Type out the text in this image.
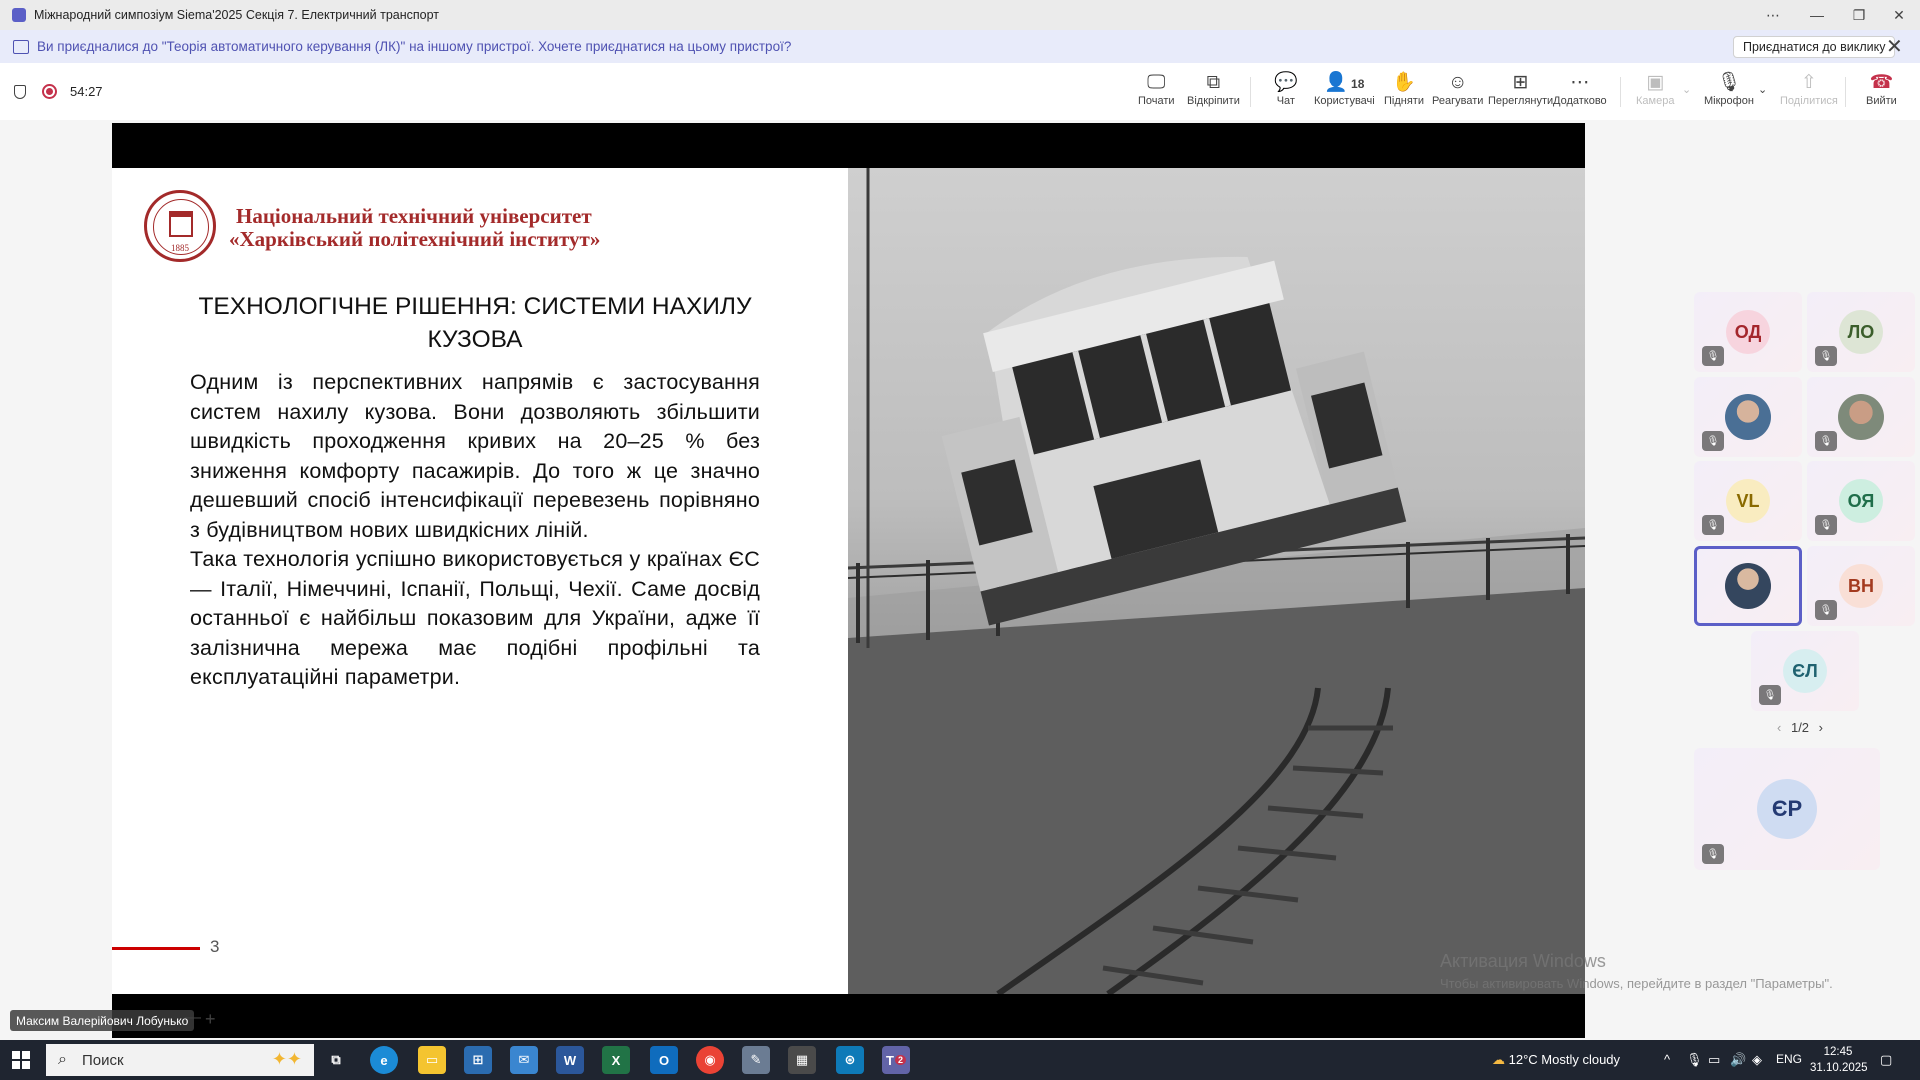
Міжнародний симпозіум Siema'2025 Секція 7. Електричний транспорт	⋯	—	❐	✕
Ви приєдналися до "Теорія автоматичного керування (ЛК)" на іншому пристрої. Хочете приєднатися на цьому пристрої?	Приєднатися до виклику ✕
54:27	🖵
Почати
⧉
Відкріпити
💬
Чат
👤 18
Користувачі
✋
Підняти
☺
Реагувати
⊞
Переглянути
⋯
Додатково
▣
Камера
⌄ 🎙
Мікрофон
⌄ ⇧
Поділитися
☎
Вийти
1885
Національний технічний університет
«Харківський політехнічний інститут»
ТЕХНОЛОГІЧНЕ РІШЕННЯ: СИСТЕМИ НАХИЛУ КУЗОВА

Одним із перспективних напрямів є застосування систем нахилу кузова. Вони дозволяють збільшити швидкість проходження кривих на 20–25 % без зниження комфорту пасажирів. До того ж це значно дешевший спосіб інтенсифікації перевезень порівняно з будівництвом нових швидкісних ліній.

Така технологія успішно використовується у країнах ЄС — Італії, Німеччині, Іспанії, Польщі, Чехії. Саме досвід останньої є найбільш показовим для України, адже її залізнична мережа має подібні профільні та експлуатаційні параметри.

3
Максим Валерійович Лобунько
— +
Активация Windows
Чтобы активировать Windows, перейдите в раздел "Параметры".
ОД
🎙
ЛО
🎙
🎙	🎙
VL
🎙
ОЯ
🎙
ВН
🎙
ЄЛ
🎙
‹ 1/2 ›
ЄР
🎙
⌕ Поиск	✦✦	⧉	e	▭	⊞	✉	W	X	O	◉	✎	▦	⊛	T 2	☁ 12°C Mostly cloudy	^ 🎙 ▭ 🔊 ◈ ENG	12:45
31.10.2025
▢
